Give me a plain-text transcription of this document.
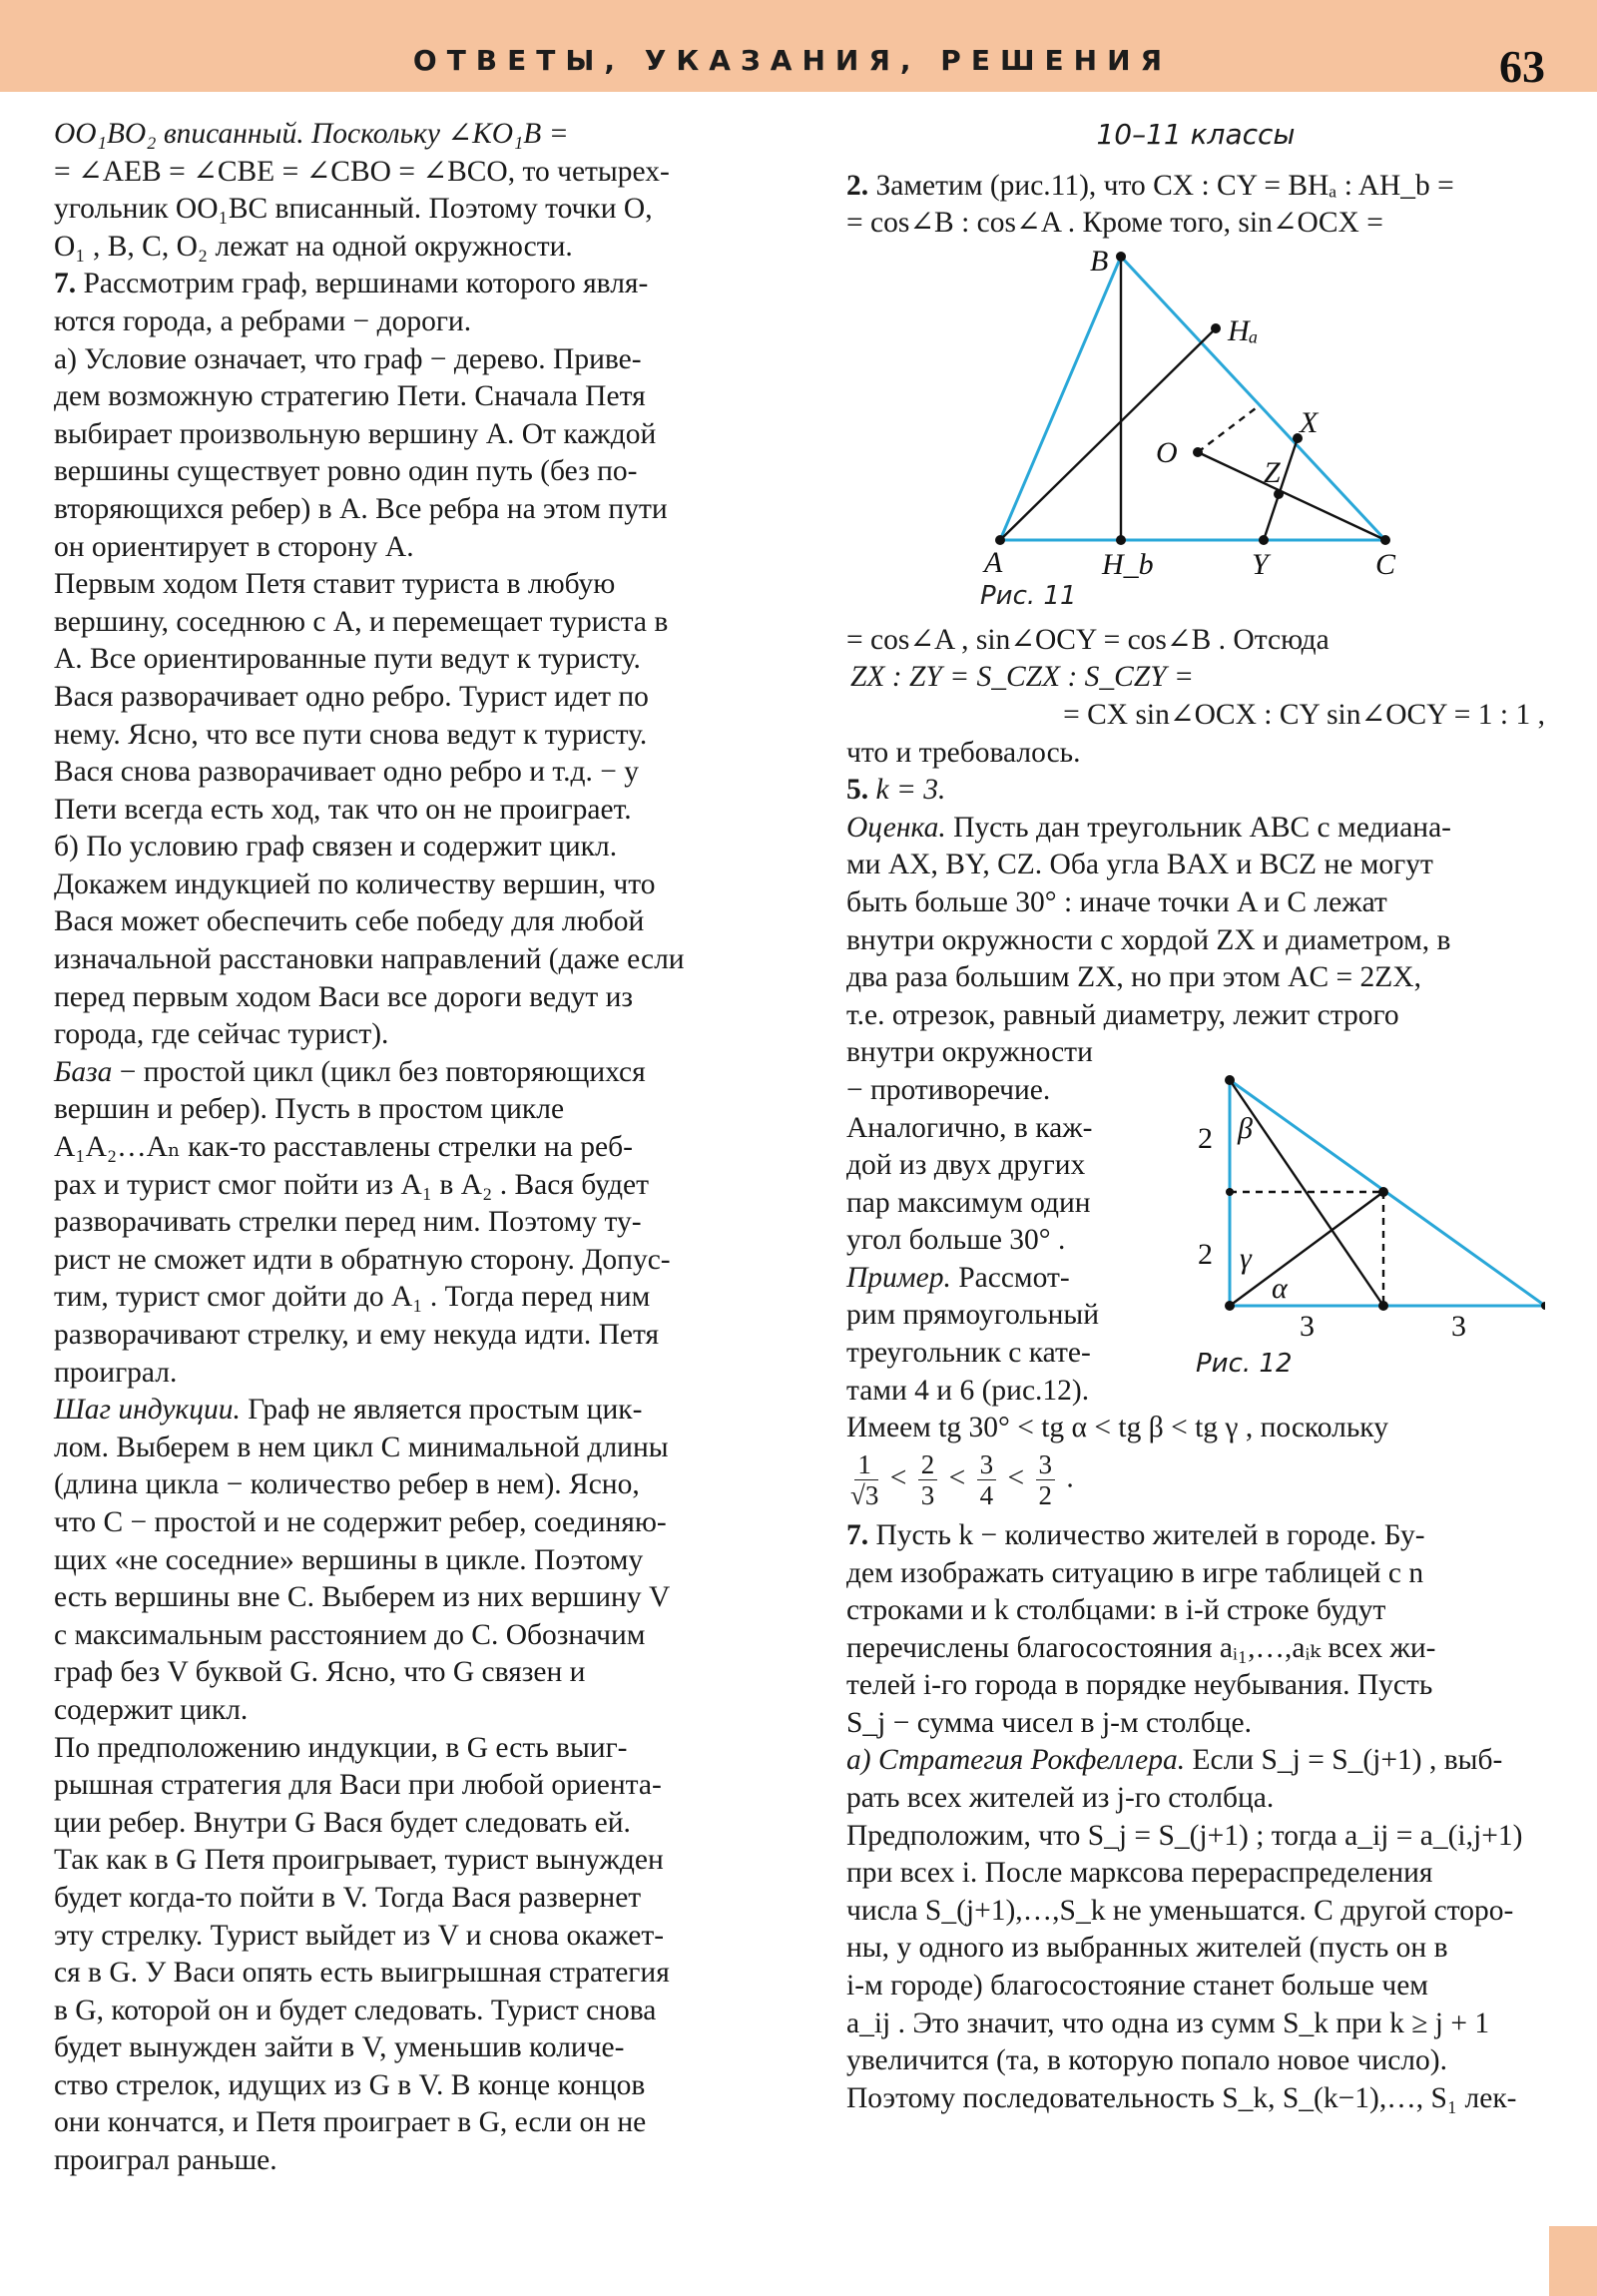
ОТВЕТЫ, УКАЗАНИЯ, РЕШЕНИЯ	63

OO₁BO₂ вписанный. Поскольку ∠KO₁B =
= ∠AEB = ∠CBE = ∠CBO = ∠BCO, то четырех-
угольник OO₁BC вписанный. Поэтому точки O,
O₁ , B, C, O₂ лежат на одной окружности.

7. Рассмотрим граф, вершинами которого явля-
ются города, а ребрами − дороги.

а) Условие означает, что граф − дерево. Приве-
дем возможную стратегию Пети. Сначала Петя
выбирает произвольную вершину A. От каждой
вершины существует ровно один путь (без по-
вторяющихся ребер) в A. Все ребра на этом пути
он ориентирует в сторону A.

Первым ходом Петя ставит туриста в любую
вершину, соседнюю с A, и перемещает туриста в
A. Все ориентированные пути ведут к туристу.
Вася разворачивает одно ребро. Турист идет по
нему. Ясно, что все пути снова ведут к туристу.
Вася снова разворачивает одно ребро и т.д. − у
Пети всегда есть ход, так что он не проиграет.

б) По условию граф связен и содержит цикл.
Докажем индукцией по количеству вершин, что
Вася может обеспечить себе победу для любой
изначальной расстановки направлений (даже если
перед первым ходом Васи все дороги ведут из
города, где сейчас турист).

База − простой цикл (цикл без повторяющихся
вершин и ребер). Пусть в простом цикле
A₁A₂…Aₙ как-то расставлены стрелки на реб-
рах и турист смог пойти из A₁ в A₂ . Вася будет
разворачивать стрелки перед ним. Поэтому ту-
рист не сможет идти в обратную сторону. Допус-
тим, турист смог дойти до A₁ . Тогда перед ним
разворачивают стрелку, и ему некуда идти. Петя
проиграл.

Шаг индукции. Граф не является простым цик-
лом. Выберем в нем цикл C минимальной длины
(длина цикла − количество ребер в нем). Ясно,
что C − простой и не содержит ребер, соединяю-
щих «не соседние» вершины в цикле. Поэтому
есть вершины вне C. Выберем из них вершину V
с максимальным расстоянием до C. Обозначим
граф без V буквой G. Ясно, что G связен и
содержит цикл.

По предположению индукции, в G есть выиг-
рышная стратегия для Васи при любой ориента-
ции ребер. Внутри G Вася будет следовать ей.
Так как в G Петя проигрывает, турист вынужден
будет когда-то пойти в V. Тогда Вася развернет
эту стрелку. Турист выйдет из V и снова окажет-
ся в G. У Васи опять есть выигрышная стратегия
в G, которой он и будет следовать. Турист снова
будет вынужден зайти в V, уменьшив количе-
ство стрелок, идущих из G в V. В конце концов
они кончатся, и Петя проиграет в G, если он не
проиграл раньше.

10–11 классы

2. Заметим (рис.11), что CX : CY = BHₐ : AH_b =
= cos∠B : cos∠A . Кроме того, sin∠OCX =

B
Hₐ
O
X
Z
A	H_b	Y	C
Рис. 11

= cos∠A , sin∠OCY = cos∠B . Отсюда
ZX : ZY = S_CZX : S_CZY =
= CX sin∠OCX : CY sin∠OCY = 1 : 1 ,
что и требовалось.

5. k = 3.
Оценка. Пусть дан треугольник ABC с медиана-
ми AX, BY, CZ. Оба угла BAX и BCZ не могут
быть больше 30° : иначе точки A и C лежат
внутри окружности с хордой ZX и диаметром, в
два раза большим ZX, но при этом AC = 2ZX,
т.е. отрезок, равный диаметру, лежит строго

внутри окружности
− противоречие.
Аналогично, в каж-
дой из двух других
пар максимум один
угол больше 30° .
Пример. Рассмот-
рим прямоугольный
треугольник с кате-
тами 4 и 6 (рис.12).
2
2
3	3
β
γ
α
Рис. 12

Имеем tg 30° < tg α < tg β < tg γ , поскольку
$\frac{1}{√3} < \frac{2}{3} < \frac{3}{4} < \frac{3}{2}$ .

7. Пусть k − количество жителей в городе. Бу-
дем изображать ситуацию в игре таблицей с n
строками и k столбцами: в i-й строке будут
перечислены благосостояния aᵢ₁,…,aᵢₖ всех жи-
телей i-го города в порядке неубывания. Пусть
S_j − сумма чисел в j-м столбце.
а) Стратегия Рокфеллера. Если S_j = S_(j+1) , выб-
рать всех жителей из j-го столбца.
Предположим, что S_j = S_(j+1) ; тогда a_ij = a_(i,j+1)
при всех i. После марксова перераспределения
числа S_(j+1),…,S_k не уменьшатся. С другой сторо-
ны, у одного из выбранных жителей (пусть он в
i-м городе) благосостояние станет больше чем
a_ij . Это значит, что одна из сумм S_k при k ≥ j + 1
увеличится (та, в которую попало новое число).
Поэтому последовательность S_k, S_(k−1),…, S₁ лек-
